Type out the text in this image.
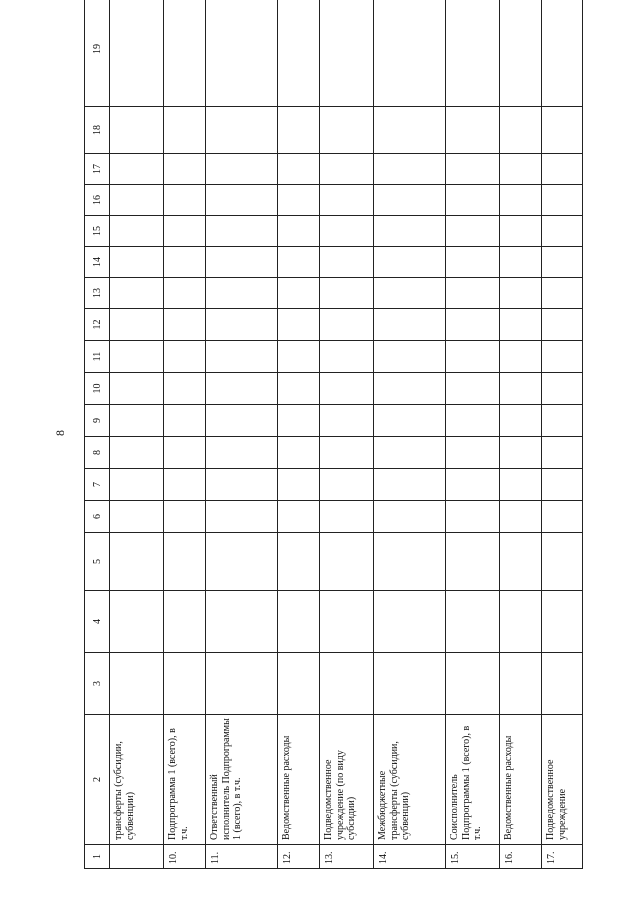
8
1	2	3	4	5	6	7	8	9	10	11	12	13	14	15	16	17	18	19

	трансферты (субсидии, субвенции)																	

10.	Подпрограмма 1 (всего), в т.ч.																	

11.	Ответственный исполнитель Подпрограммы 1 (всего), в т.ч.																	

12.	Ведомственные расходы																	

13.	Подведомственное учреждение (по виду субсидии)																	

14.	Межбюджетные трансферты (субсидии, субвенции)																	

15.	Соисполнитель Подпрограммы 1 (всего), в т.ч.																	

16.	Ведомственные расходы																	

17.	Подведомственное учреждение																	
